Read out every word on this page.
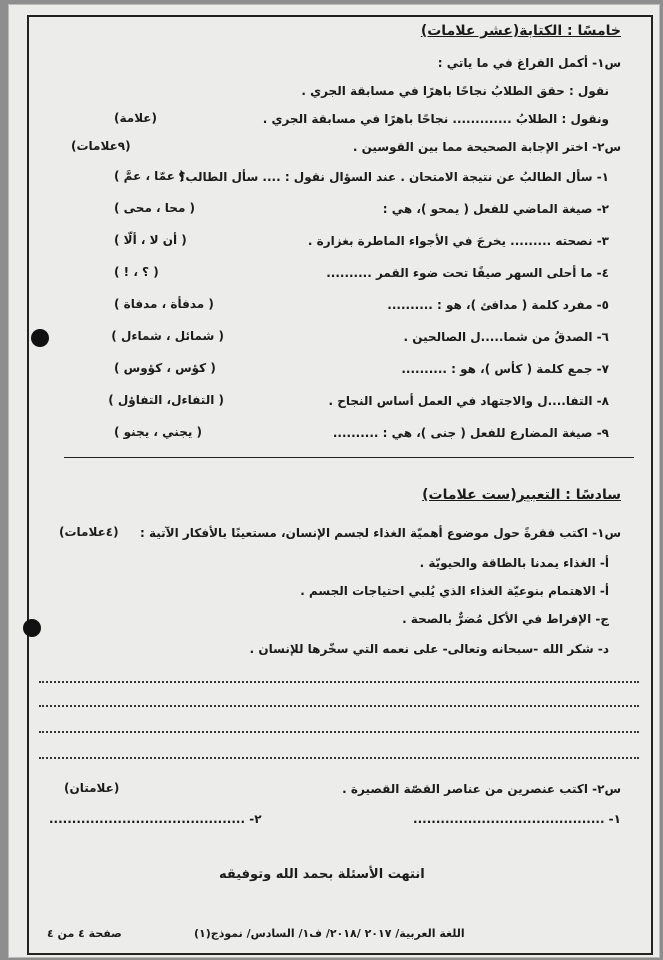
خامسًا : الكتابة(عشر علامات)
س١- أكمل الفراغ في ما ياتي :
نقول : حقق الطلابُ نجاحًا باهرًا في مسابقة الجري .
ونقول : الطلابُ ............. نجاحًا باهرًا في مسابقة الجري .
(علامة)
س٢- اختر الإجابة الصحيحة مما بين القوسين .
(٩علامات)
١- سأل الطالبُ عن نتيجة الامتحان . عند السؤال نقول : .... سأل الطالب؟
( عمّا ، عمَّ )
٢- صيغة الماضي للفعل ( يمحو )، هي :
( محا ، محى )
٣- نصحته ......... يخرجَ في الأجواء الماطرة بغزارة .
( أن لا ، ألّا )
٤- ما أحلى السهر صيفًا تحت ضوء القمر ..........
( ؟ ، ! )
٥- مفرد كلمة ( مدافئ )، هو : ..........
( مدفأة ، مدفاة )
٦- الصدقُ من شما.....ل الصالحين .
( شمائل ، شماءل )
٧- جمع كلمة ( كأس )، هو : ..........
( كؤس ، كؤوس )
٨- التفا....ل والاجتهاد في العمل أساس النجاح .
( التفاءل، التفاؤل )
٩- صيغة المضارع للفعل ( جنى )، هي : ..........
( يجني ، يجنو )
سادسًا : التعبير(ست علامات)
س١- اكتب فقرةً حول موضوع أهميّة الغذاء لجسم الإنسان، مستعينًا بالأفكار الآتية :
(٤علامات)
أ- الغذاء يمدنا بالطاقة والحيويّة .
أ- الاهتمام بنوعيّة الغذاء الذي يُلبي احتياجات الجسم .
ج- الإفراط في الأكل مُضرٌّ بالصحة .
د- شكر الله -سبحانه وتعالى- على نعمه التي سخّرها للإنسان .
س٢- اكتب عنصرين من عناصر القصّة القصيرة .
(علامتان)
١- ..........................................
٢- ...........................................
انتهت الأسئلة بحمد الله وتوفيقه
اللغة العربية/ ٢٠١٧ /٢٠١٨/ ف١/ السادس/ نموذج(١)
صفحة ٤ من ٤
